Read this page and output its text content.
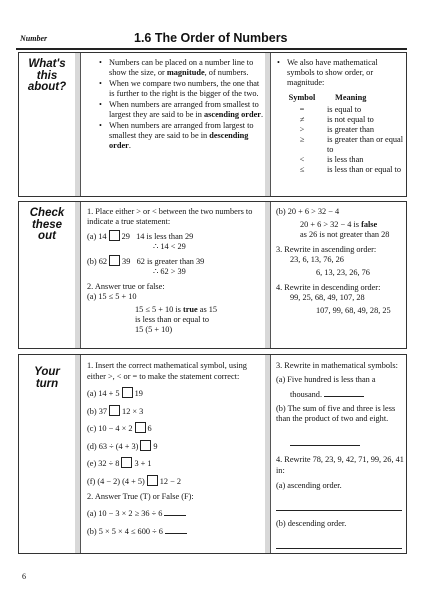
Number	1.6 The Order of Numbers
What's
this
about?
• Numbers can be placed on a number line to show the size, or magnitude, of numbers.
• When we compare two numbers, the one that is further to the right is the bigger of the two.
• When numbers are arranged from smallest to largest they are said to be in ascending order.
• When numbers are arranged from largest to smallest they are said to be in descending order.
• We also have mathematical symbols to show order, or magnitude:
Symbol	Meaning
=	is equal to
≠	is not equal to
>	is greater than
≥	is greater than or equal to
<	is less than
≤	is less than or equal to
Check
these
out

1. Place either > or < between the two numbers to indicate a true statement:

(a) 14 29 14 is less than 29

∴ 14 < 29

(b) 62 39 62 is greater than 39

∴ 62 > 39

2. Answer true or false:

(a) 15 ≤ 5 + 10

15 ≤ 5 + 10 is true as 15

is less than or equal to

15 (5 + 10)

(b) 20 + 6 > 32 − 4

20 + 6 > 32 − 4 is false

as 26 is not greater than 28

3. Rewrite in ascending order:

23, 6, 13, 76, 26

6, 13, 23, 26, 76

4. Rewrite in descending order:

99, 25, 68, 49, 107, 28

107, 99, 68, 49, 28, 25

Your
turn

1. Insert the correct mathematical symbol, using either >, < or = to make the statement correct:

(a) 14 + 5 19

(b) 37 12 × 3

(c) 10 − 4 × 2 6

(d) 63 ÷ (4 + 3) 9

(e) 32 ÷ 8 3 + 1

(f) (4 − 2) (4 + 5) 12 − 2

2. Answer True (T) or False (F):

(a) 10 − 3 × 2 ≥ 36 ÷ 6

(b) 5 × 5 × 4 ≤ 600 ÷ 6

3. Rewrite in mathematical symbols:

(a) Five hundred is less than a

thousand.

(b) The sum of five and three is less than the product of two and eight.

4. Rewrite 78, 23, 9, 42, 71, 99, 26, 41 in:

(a) ascending order.

(b) descending order.

6
